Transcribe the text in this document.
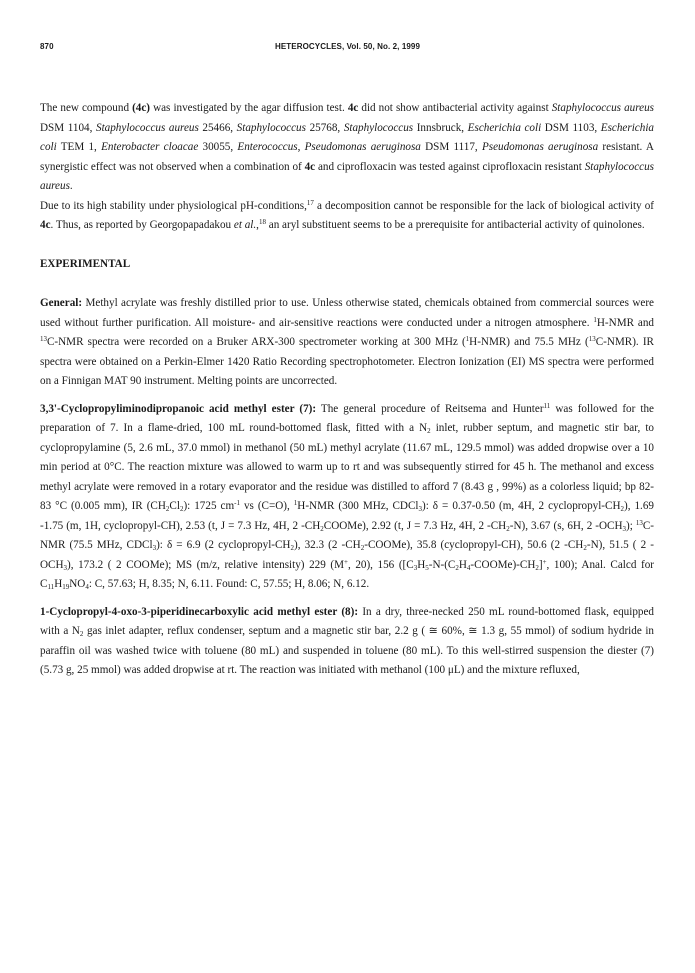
870	HETEROCYCLES, Vol. 50, No. 2, 1999

The new compound (4c) was investigated by the agar diffusion test. 4c did not show antibacterial activity against Staphylococcus aureus DSM 1104, Staphylococcus aureus 25466, Staphylococcus 25768, Staphylococcus Innsbruck, Escherichia coli DSM 1103, Escherichia coli TEM 1, Enterobacter cloacae 30055, Enterococcus, Pseudomonas aeruginosa DSM 1117, Pseudomonas aeruginosa resistant. A synergistic effect was not observed when a combination of 4c and ciprofloxacin was tested against ciprofloxacin resistant Staphylococcus aureus.

Due to its high stability under physiological pH-conditions,$^{17}$ a decomposition cannot be responsible for the lack of biological activity of 4c. Thus, as reported by Georgopapadakou et al.,$^{18}$ an aryl substituent seems to be a prerequisite for antibacterial activity of quinolones.

EXPERIMENTAL

General: Methyl acrylate was freshly distilled prior to use. Unless otherwise stated, chemicals obtained from commercial sources were used without further purification. All moisture- and air-sensitive reactions were conducted under a nitrogen atmosphere. $^1$H-NMR and $^{13}$C-NMR spectra were recorded on a Bruker ARX-300 spectrometer working at 300 MHz ($^1$H-NMR) and 75.5 MHz ($^{13}$C-NMR). IR spectra were obtained on a Perkin-Elmer 1420 Ratio Recording spectrophotometer. Electron Ionization (EI) MS spectra were performed on a Finnigan MAT 90 instrument. Melting points are uncorrected.

3,3'-Cyclopropyliminodipropanoic acid methyl ester (7): The general procedure of Reitsema and Hunter$^{11}$ was followed for the preparation of 7. In a flame-dried, 100 mL round-bottomed flask, fitted with a $N_2$ inlet, rubber septum, and magnetic stir bar, to cyclopropylamine (5, 2.6 mL, 37.0 mmol) in methanol (50 mL) methyl acrylate (11.67 mL, 129.5 mmol) was added dropwise over a 10 min period at 0°C. The reaction mixture was allowed to warm up to rt and was subsequently stirred for 45 h. The methanol and excess methyl acrylate were removed in a rotary evaporator and the residue was distilled to afford 7 (8.43 g , 99%) as a colorless liquid; bp 82-83 °C (0.005 mm), IR $(CH_2Cl_2)$: 1725 $cm^{-1}$ vs (C=O), $^1$H-NMR (300 MHz, CDCl$_3$): δ = 0.37-0.50 (m, 4H, 2 cyclopropyl-$CH_2$), 1.69 -1.75 (m, 1H, cyclopropyl-CH), 2.53 (t, J = 7.3 Hz, 4H, 2 $-CH_2COOMe$), 2.92 (t, J = 7.3 Hz, 4H, 2 $-CH_2-N$), 3.67 (s, 6H, 2 $-OCH_3$); $^{13}$C-NMR (75.5 MHz, CDCl$_3$): δ = 6.9 (2 cyclopropyl-$CH_2$), 32.3 (2 $-CH_2-COOMe$), 35.8 (cyclopropyl-CH), 50.6 (2 $-CH_2-N$), 51.5 ( 2 $-OCH_3$), 173.2 ( 2 COOMe); MS (m/z, relative intensity) 229 (M+, 20), 156 ($[C_3H_5-N-(C_2H_4-COOMe)-CH_2]^+$, 100); Anal. Calcd for $C_{11}H_{19}NO_4$: C, 57.63; H, 8.35; N, 6.11. Found: C, 57.55; H, 8.06; N, 6.12.

1-Cyclopropyl-4-oxo-3-piperidinecarboxylic acid methyl ester (8): In a dry, three-necked 250 mL round-bottomed flask, equipped with a $N_2$ gas inlet adapter, reflux condenser, septum and a magnetic stir bar, 2.2 g ( ≅ 60%, ≅ 1.3 g, 55 mmol) of sodium hydride in paraffin oil was washed twice with toluene (80 mL) and suspended in toluene (80 mL). To this well-stirred suspension the diester (7) (5.73 g, 25 mmol) was added dropwise at rt. The reaction was initiated with methanol (100 μL) and the mixture refluxed,
